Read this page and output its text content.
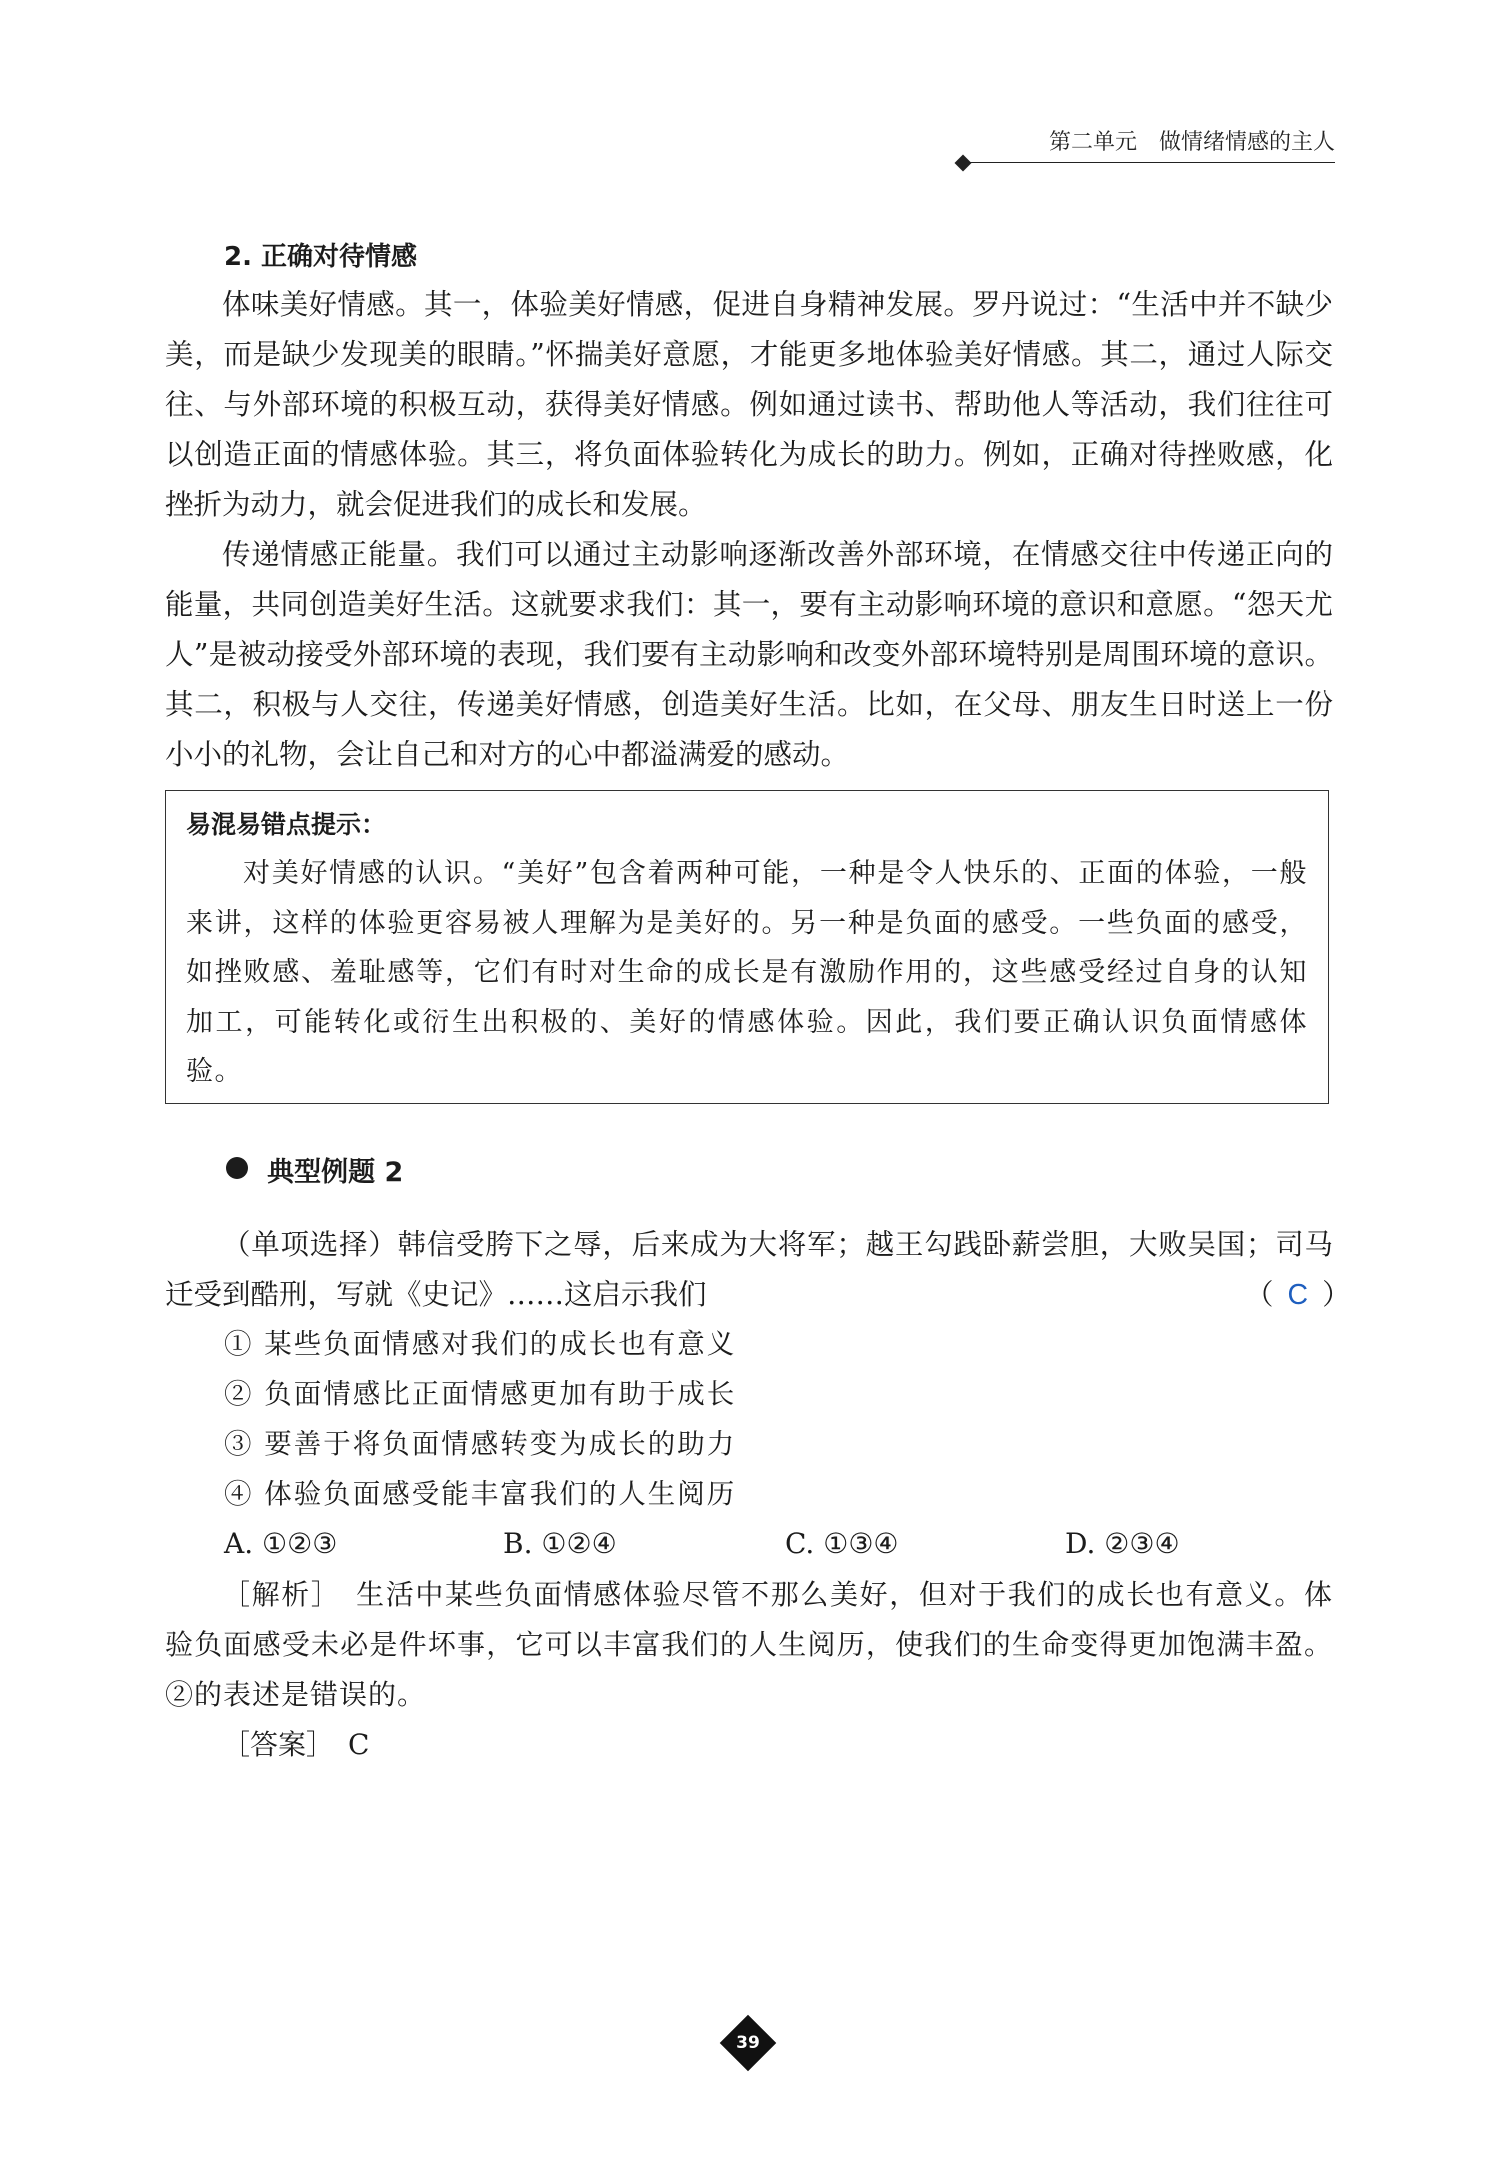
第二单元　做情绪情感的主人
2. 正确对待情感

体味美好情感。其一，体验美好情感，促进自身精神发展。罗丹说过：“生活中并不缺少美，而是缺少发现美的眼睛。”怀揣美好意愿，才能更多地体验美好情感。其二，通过人际交往、与外部环境的积极互动，获得美好情感。例如通过读书、帮助他人等活动，我们往往可以创造正面的情感体验。其三，将负面体验转化为成长的助力。例如，正确对待挫败感，化挫折为动力，就会促进我们的成长和发展。

传递情感正能量。我们可以通过主动影响逐渐改善外部环境，在情感交往中传递正向的能量，共同创造美好生活。这就要求我们：其一，要有主动影响环境的意识和意愿。“怨天尤人”是被动接受外部环境的表现，我们要有主动影响和改变外部环境特别是周围环境的意识。其二，积极与人交往，传递美好情感，创造美好生活。比如，在父母、朋友生日时送上一份小小的礼物，会让自己和对方的心中都溢满爱的感动。

易混易错点提示：

对美好情感的认识。“美好”包含着两种可能，一种是令人快乐的、正面的体验，一般来讲，这样的体验更容易被人理解为是美好的。另一种是负面的感受。一些负面的感受，如挫败感、羞耻感等，它们有时对生命的成长是有激励作用的，这些感受经过自身的认知加工，可能转化或衍生出积极的、美好的情感体验。因此，我们要正确认识负面情感体验。

典型例题 2

（单项选择）韩信受胯下之辱，后来成为大将军；越王勾践卧薪尝胆，大败吴国；司马迁受到酷刑，写就《史记》……这启示我们	（ C ）
① 某些负面情感对我们的成长也有意义
② 负面情感比正面情感更加有助于成长
③ 要善于将负面情感转变为成长的助力
④ 体验负面感受能丰富我们的人生阅历
A. ①②③	B. ①②④	C. ①③④	D. ②③④

［解析］　生活中某些负面情感体验尽管不那么美好，但对于我们的成长也有意义。体验负面感受未必是件坏事，它可以丰富我们的人生阅历，使我们的生命变得更加饱满丰盈。②的表述是错误的。

［答案］　C
39
